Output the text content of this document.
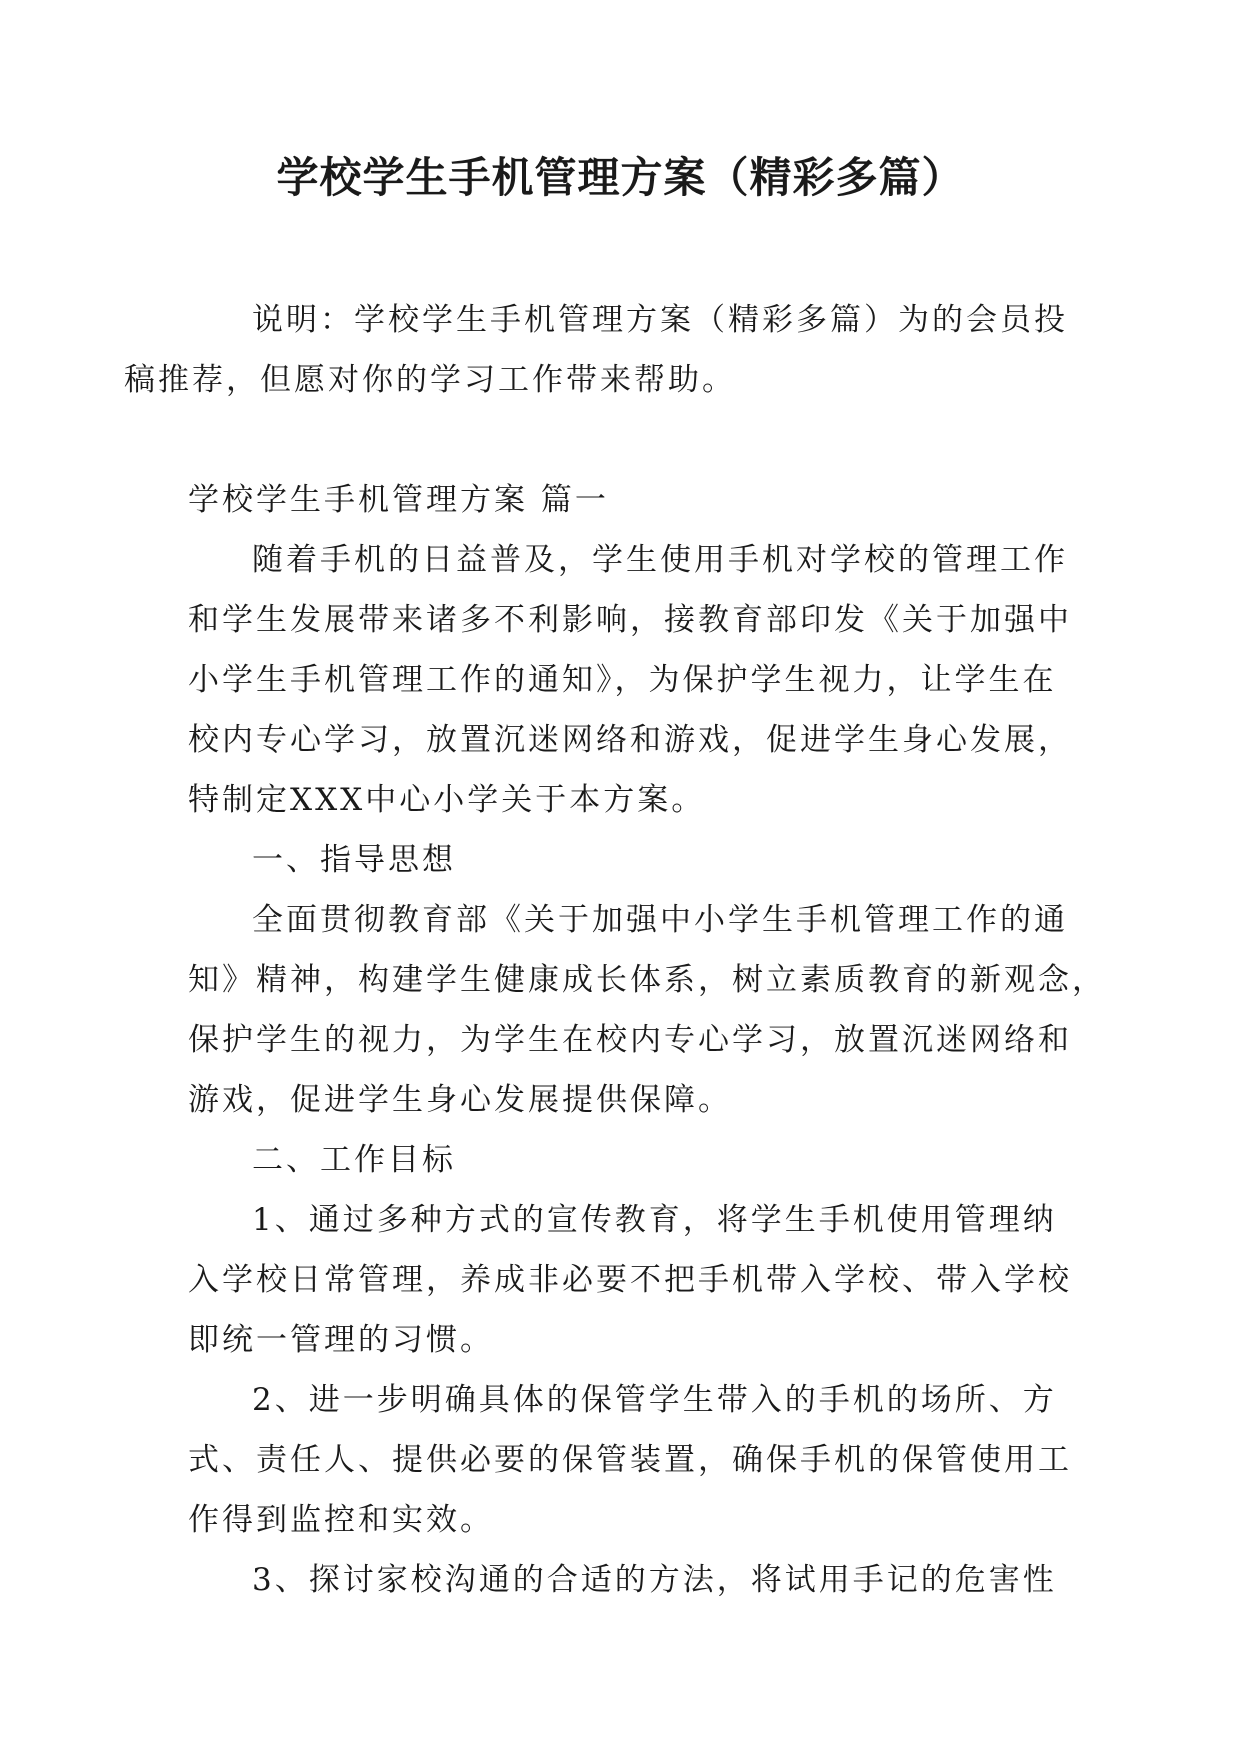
学校学生手机管理方案（精彩多篇）

说明：学校学生手机管理方案（精彩多篇）为的会员投
稿推荐，但愿对你的学习工作带来帮助。

学校学生手机管理方案 篇一

随着手机的日益普及，学生使用手机对学校的管理工作
和学生发展带来诸多不利影响，接教育部印发《关于加强中
小学生手机管理工作的通知》，为保护学生视力，让学生在
校内专心学习，放置沉迷网络和游戏，促进学生身心发展，
特制定XXX中心小学关于本方案。

一、指导思想

全面贯彻教育部《关于加强中小学生手机管理工作的通
知》精神，构建学生健康成长体系，树立素质教育的新观念，
保护学生的视力，为学生在校内专心学习，放置沉迷网络和
游戏，促进学生身心发展提供保障。

二、工作目标

1、通过多种方式的宣传教育，将学生手机使用管理纳
入学校日常管理，养成非必要不把手机带入学校、带入学校
即统一管理的习惯。

2、进一步明确具体的保管学生带入的手机的场所、方
式、责任人、提供必要的保管装置，确保手机的保管使用工
作得到监控和实效。

3、探讨家校沟通的合适的方法，将试用手记的危害性
